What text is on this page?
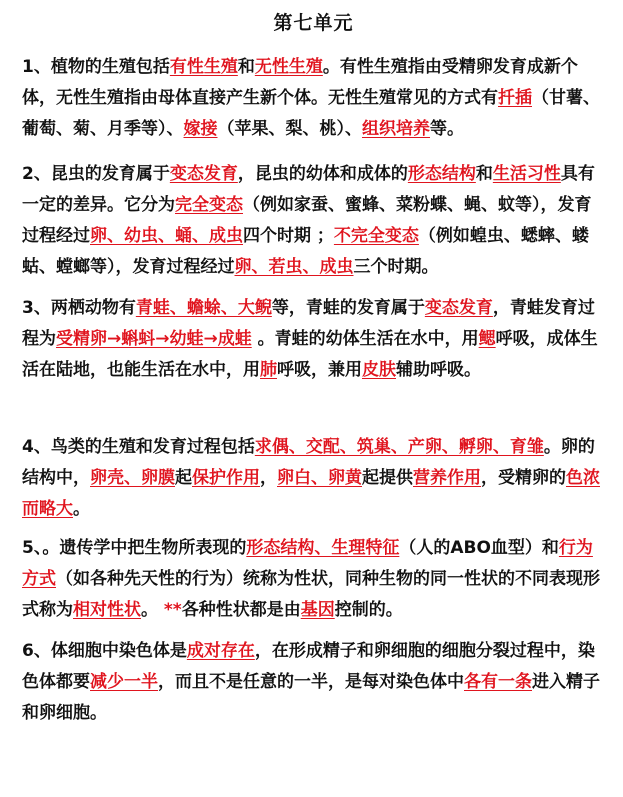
第七单元

1、植物的生殖包括有性生殖和无性生殖。有性生殖指由受精卵发育成新个体，无性生殖指由母体直接产生新个体。无性生殖常见的方式有扦插（甘薯、葡萄、菊、月季等）、嫁接（苹果、梨、桃）、组织培养等。

2、昆虫的发育属于变态发育，昆虫的幼体和成体的形态结构和生活习性具有一定的差异。它分为完全变态（例如家蚕、蜜蜂、菜粉蝶、蝇、蚊等），发育过程经过卵、幼虫、蛹、成虫四个时期 ；不完全变态（例如蝗虫、蟋蟀、蝼蛄、螳螂等），发育过程经过卵、若虫、成虫三个时期。

3、两栖动物有青蛙、蟾蜍、大鲵等，青蛙的发育属于变态发育，青蛙发育过程为受精卵→蝌蚪→幼蛙→成蛙 。青蛙的幼体生活在水中，用鳃呼吸，成体生活在陆地，也能生活在水中，用肺呼吸，兼用皮肤辅助呼吸。

4、鸟类的生殖和发育过程包括求偶、交配、筑巢、产卵、孵卵、育雏。卵的结构中，卵壳、卵膜起保护作用，卵白、卵黄起提供营养作用，受精卵的色浓而略大。

5、。遗传学中把生物所表现的形态结构、生理特征（人的ABO血型）和行为方式（如各种先天性的行为）统称为性状，同种生物的同一性状的不同表现形式称为相对性状。 **各种性状都是由基因控制的。

6、体细胞中染色体是成对存在，在形成精子和卵细胞的细胞分裂过程中，染色体都要减少一半，而且不是任意的一半，是每对染色体中各有一条进入精子和卵细胞。
